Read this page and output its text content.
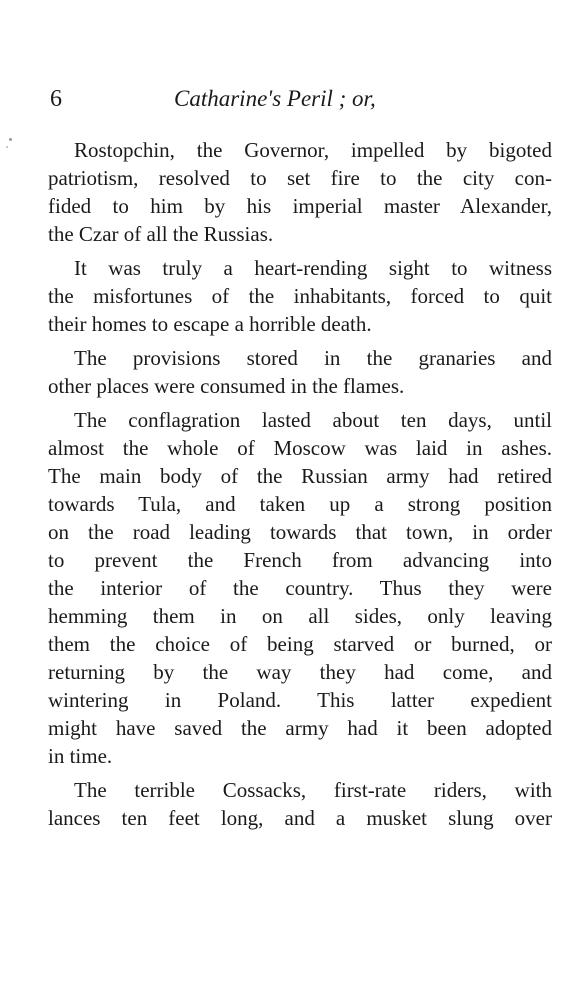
6	Catharine's Peril ; or,
Rostopchin, the Governor, impelled by bigoted
patriotism, resolved to set fire to the city con-
fided to him by his imperial master Alexander,
the Czar of all the Russias.
It was truly a heart-rending sight to witness
the misfortunes of the inhabitants, forced to quit
their homes to escape a horrible death.
The provisions stored in the granaries and
other places were consumed in the flames.
The conflagration lasted about ten days, until
almost the whole of Moscow was laid in ashes.
The main body of the Russian army had retired
towards Tula, and taken up a strong position
on the road leading towards that town, in order
to prevent the French from advancing into
the interior of the country. Thus they were
hemming them in on all sides, only leaving
them the choice of being starved or burned, or
returning by the way they had come, and
wintering in Poland. This latter expedient
might have saved the army had it been adopted
in time.
The terrible Cossacks, first-rate riders, with
lances ten feet long, and a musket slung over
